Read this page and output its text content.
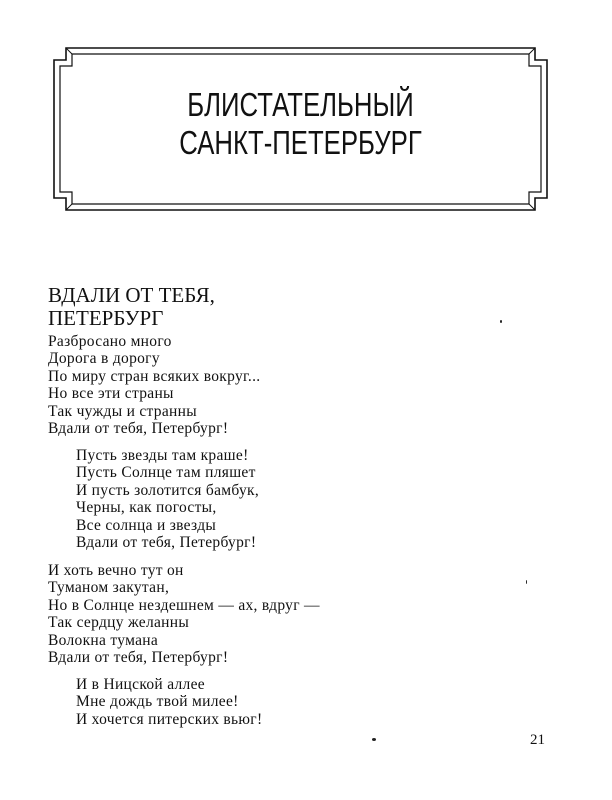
БЛИСТАТЕЛЬНЫЙ
САНКТ-ПЕТЕРБУРГ
ВДАЛИ ОТ ТЕБЯ,
ПЕТЕРБУРГ
Разбросано много
Дорога в дорогу
По миру стран всяких вокруг...
Но все эти страны
Так чужды и странны
Вдали от тебя, Петербург!
Пусть звезды там краше!
Пусть Солнце там пляшет
И пусть золотится бамбук,
Черны, как погосты,
Все солнца и звезды
Вдали от тебя, Петербург!
И хоть вечно тут он
Туманом закутан,
Но в Солнце нездешнем — ах, вдруг —
Так сердцу желанны
Волокна тумана
Вдали от тебя, Петербург!
И в Ницской аллее
Мне дождь твой милее!
И хочется питерских вьюг!
21
